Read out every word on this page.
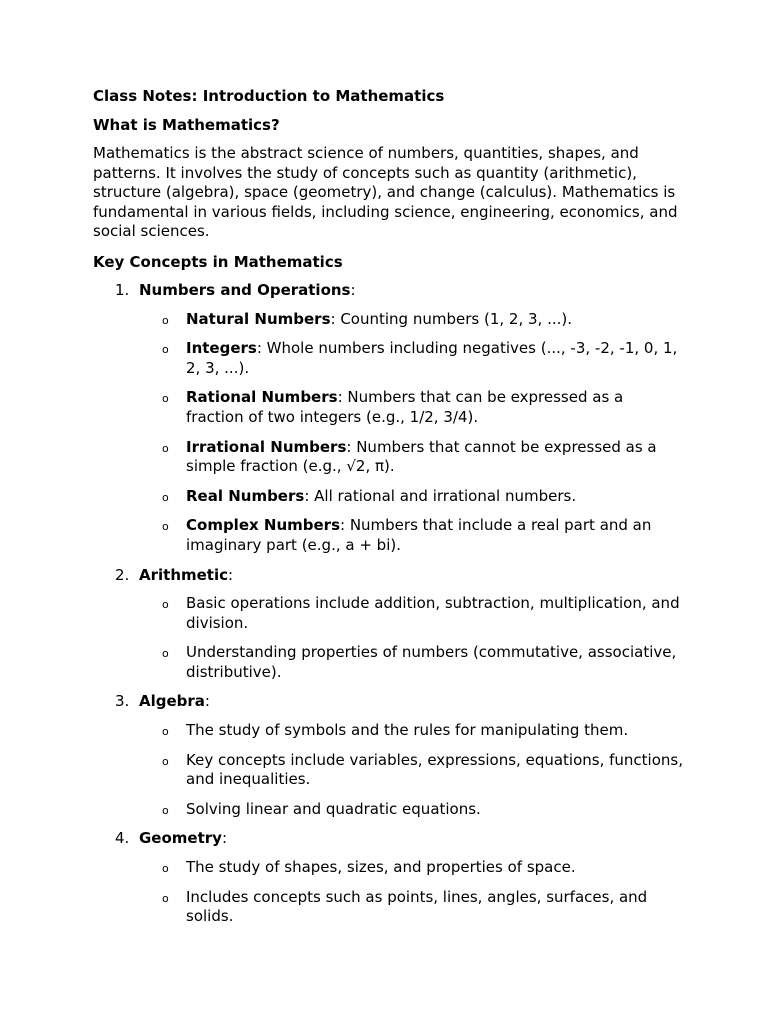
Class Notes: Introduction to Mathematics
What is Mathematics?
Mathematics is the abstract science of numbers, quantities, shapes, and patterns. It involves the study of concepts such as quantity (arithmetic), structure (algebra), space (geometry), and change (calculus). Mathematics is fundamental in various fields, including science, engineering, economics, and social sciences.
Key Concepts in Mathematics
1. Numbers and Operations:
o Natural Numbers: Counting numbers (1, 2, 3, ...).
o Integers: Whole numbers including negatives (..., -3, -2, -1, 0, 1, 2, 3, ...).
o Rational Numbers: Numbers that can be expressed as a fraction of two integers (e.g., 1/2, 3/4).
o Irrational Numbers: Numbers that cannot be expressed as a simple fraction (e.g., √2, π).
o Real Numbers: All rational and irrational numbers.
o Complex Numbers: Numbers that include a real part and an imaginary part (e.g., a + bi).
2. Arithmetic:
o Basic operations include addition, subtraction, multiplication, and division.
o Understanding properties of numbers (commutative, associative, distributive).
3. Algebra:
o The study of symbols and the rules for manipulating them.
o Key concepts include variables, expressions, equations, functions, and inequalities.
o Solving linear and quadratic equations.
4. Geometry:
o The study of shapes, sizes, and properties of space.
o Includes concepts such as points, lines, angles, surfaces, and solids.
